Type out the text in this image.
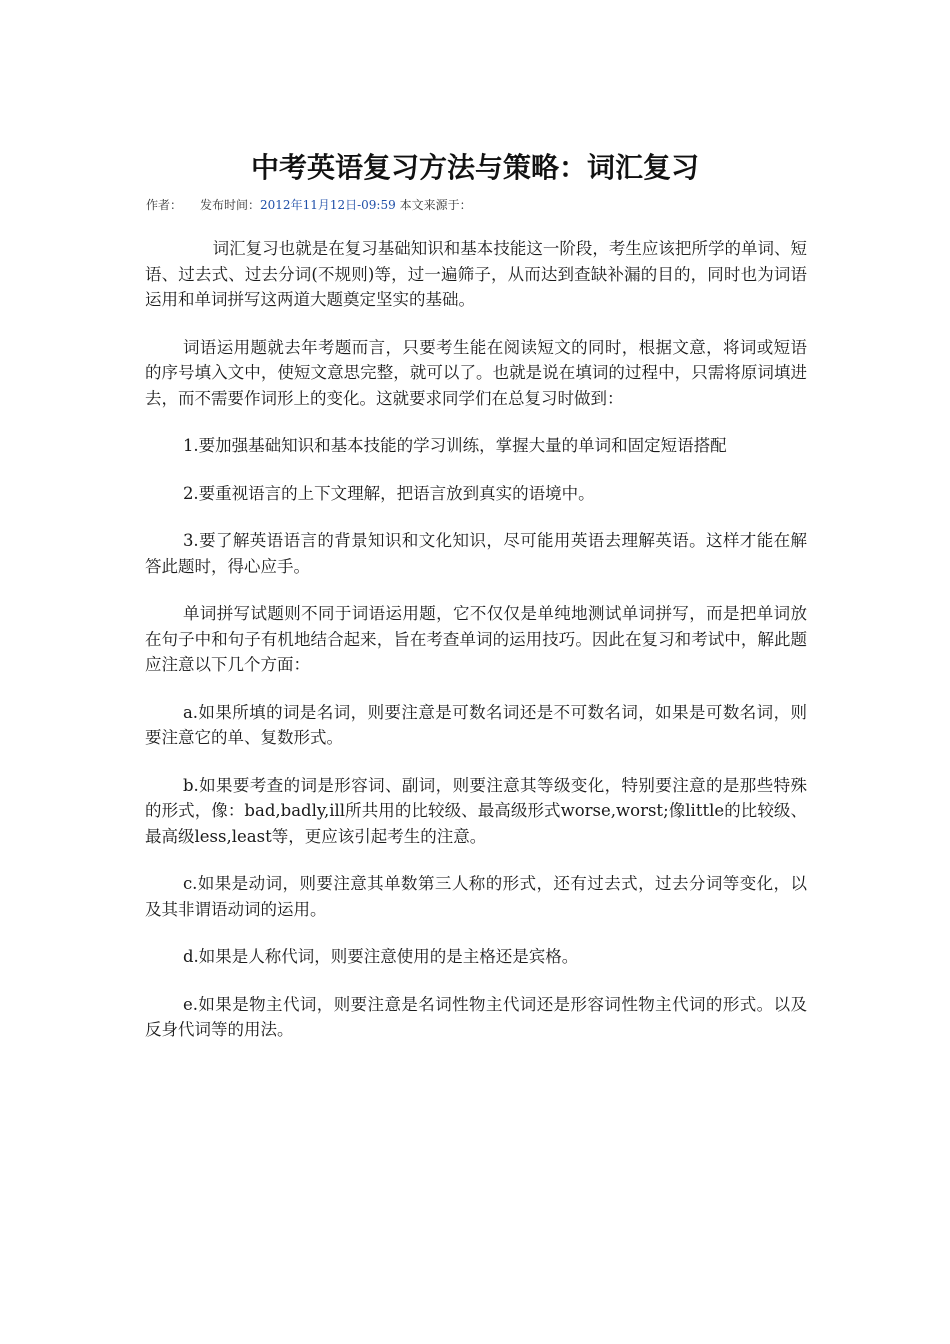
中考英语复习方法与策略：词汇复习
作者： 发布时间：2012年11月12日-09:59 本文来源于：

词汇复习也就是在复习基础知识和基本技能这一阶段，考生应该把所学的单词、短语、过去式、过去分词(不规则)等，过一遍筛子，从而达到查缺补漏的目的，同时也为词语运用和单词拼写这两道大题奠定坚实的基础。

词语运用题就去年考题而言，只要考生能在阅读短文的同时，根据文意，将词或短语的序号填入文中，使短文意思完整，就可以了。也就是说在填词的过程中，只需将原词填进去，而不需要作词形上的变化。这就要求同学们在总复习时做到：

1.要加强基础知识和基本技能的学习训练，掌握大量的单词和固定短语搭配

2.要重视语言的上下文理解，把语言放到真实的语境中。

3.要了解英语语言的背景知识和文化知识，尽可能用英语去理解英语。这样才能在解答此题时，得心应手。

单词拼写试题则不同于词语运用题，它不仅仅是单纯地测试单词拼写，而是把单词放在句子中和句子有机地结合起来，旨在考查单词的运用技巧。因此在复习和考试中，解此题应注意以下几个方面：

a.如果所填的词是名词，则要注意是可数名词还是不可数名词，如果是可数名词，则要注意它的单、复数形式。

b.如果要考查的词是形容词、副词，则要注意其等级变化，特别要注意的是那些特殊的形式，像：bad,badly,ill所共用的比较级、最高级形式worse,worst;像little的比较级、最高级less,least等，更应该引起考生的注意。

c.如果是动词，则要注意其单数第三人称的形式，还有过去式，过去分词等变化，以及其非谓语动词的运用。

d.如果是人称代词，则要注意使用的是主格还是宾格。

e.如果是物主代词，则要注意是名词性物主代词还是形容词性物主代词的形式。以及反身代词等的用法。
